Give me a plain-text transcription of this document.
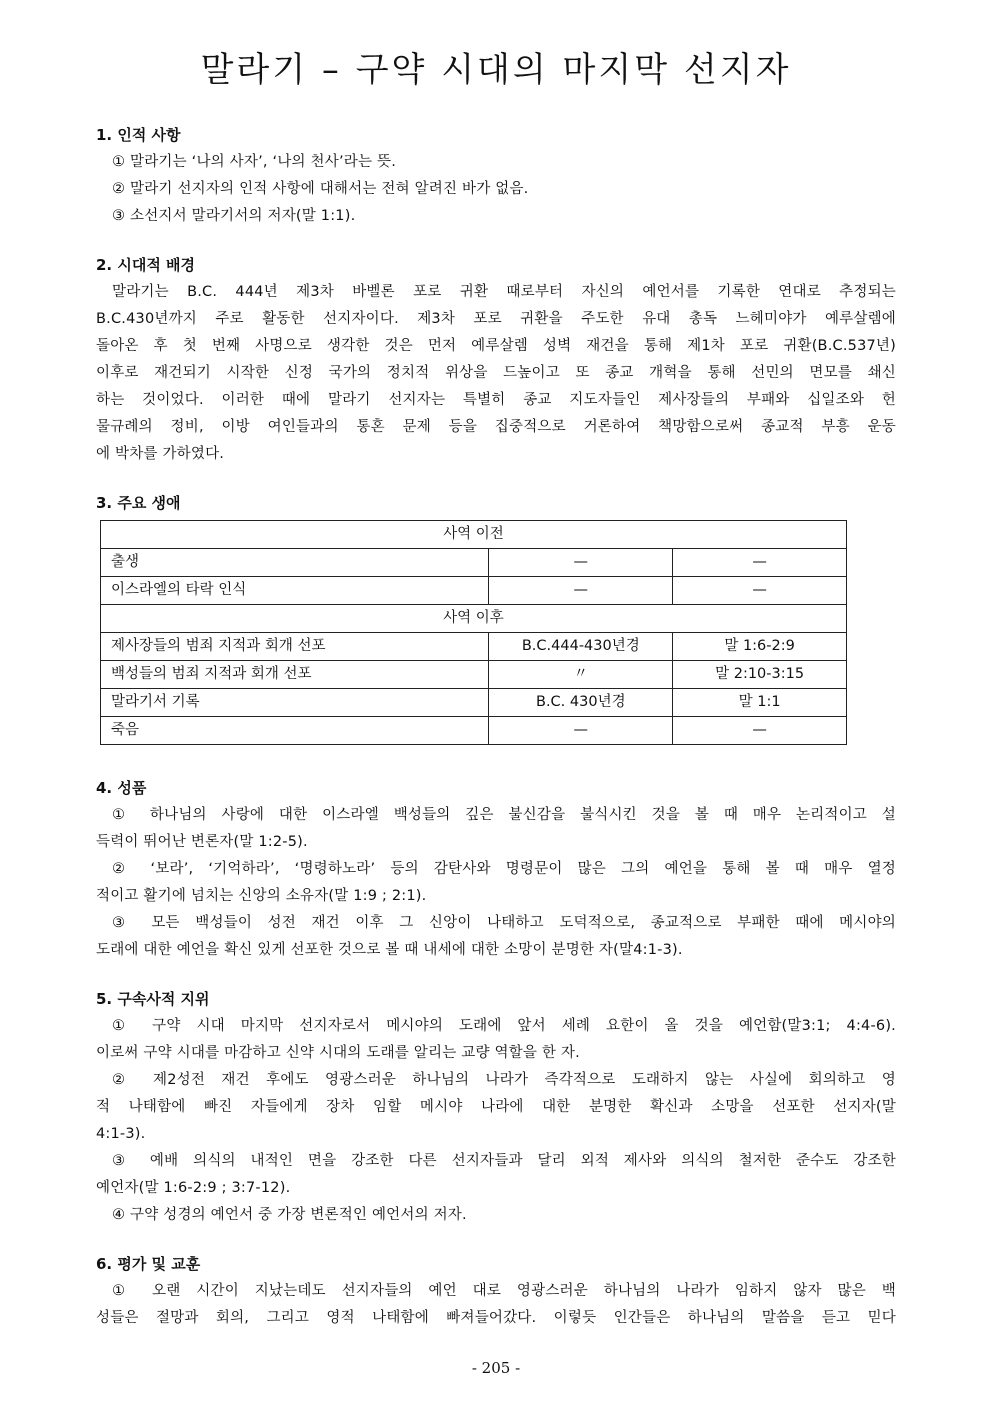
말라기 – 구약 시대의 마지막 선지자
1. 인적 사항
① 말라기는 ‘나의 사자’, ‘나의 천사’라는 뜻.
② 말라기 선지자의 인적 사항에 대해서는 전혀 알려진 바가 없음.
③ 소선지서 말라기서의 저자(말 1:1).
2. 시대적 배경
말라기는 B.C. 444년 제3차 바벨론 포로 귀환 때로부터 자신의 예언서를 기록한 연대로 추정되는
B.C.430년까지 주로 활동한 선지자이다. 제3차 포로 귀환을 주도한 유대 총독 느헤미야가 예루살렘에
돌아온 후 첫 번째 사명으로 생각한 것은 먼저 예루살렘 성벽 재건을 통해 제1차 포로 귀환(B.C.537년)
이후로 재건되기 시작한 신정 국가의 정치적 위상을 드높이고 또 종교 개혁을 통해 선민의 면모를 쇄신
하는 것이었다. 이러한 때에 말라기 선지자는 특별히 종교 지도자들인 제사장들의 부패와 십일조와 헌
물규례의 정비, 이방 여인들과의 통혼 문제 등을 집중적으로 거론하여 책망함으로써 종교적 부흥 운동
에 박차를 가하였다.
3. 주요 생애
사역 이전		
출생	—	—
이스라엘의 타락 인식	—	—
사역 이후		
제사장들의 범죄 지적과 회개 선포	B.C.444-430년경	말 1:6-2:9
백성들의 범죄 지적과 회개 선포	〃	말 2:10-3:15
말라기서 기록	B.C. 430년경	말 1:1
죽음	—	—
4. 성품
① 하나님의 사랑에 대한 이스라엘 백성들의 깊은 불신감을 불식시킨 것을 볼 때 매우 논리적이고 설
득력이 뛰어난 변론자(말 1:2-5).
② ‘보라’, ‘기억하라’, ‘명령하노라’ 등의 감탄사와 명령문이 많은 그의 예언을 통해 볼 때 매우 열정
적이고 활기에 넘치는 신앙의 소유자(말 1:9 ; 2:1).
③ 모든 백성들이 성전 재건 이후 그 신앙이 나태하고 도덕적으로, 종교적으로 부패한 때에 메시야의
도래에 대한 예언을 확신 있게 선포한 것으로 볼 때 내세에 대한 소망이 분명한 자(말4:1-3).
5. 구속사적 지위
① 구약 시대 마지막 선지자로서 메시야의 도래에 앞서 세례 요한이 올 것을 예언함(말3:1; 4:4-6).
이로써 구약 시대를 마감하고 신약 시대의 도래를 알리는 교량 역할을 한 자.
② 제2성전 재건 후에도 영광스러운 하나님의 나라가 즉각적으로 도래하지 않는 사실에 회의하고 영
적 나태함에 빠진 자들에게 장차 임할 메시야 나라에 대한 분명한 확신과 소망을 선포한 선지자(말
4:1-3).
③ 예배 의식의 내적인 면을 강조한 다른 선지자들과 달리 외적 제사와 의식의 철저한 준수도 강조한
예언자(말 1:6-2:9 ; 3:7-12).
④ 구약 성경의 예언서 중 가장 변론적인 예언서의 저자.
6. 평가 및 교훈
① 오랜 시간이 지났는데도 선지자들의 예언 대로 영광스러운 하나님의 나라가 임하지 않자 많은 백
성들은 절망과 회의, 그리고 영적 나태함에 빠져들어갔다. 이렇듯 인간들은 하나님의 말씀을 듣고 믿다
- 205 -
